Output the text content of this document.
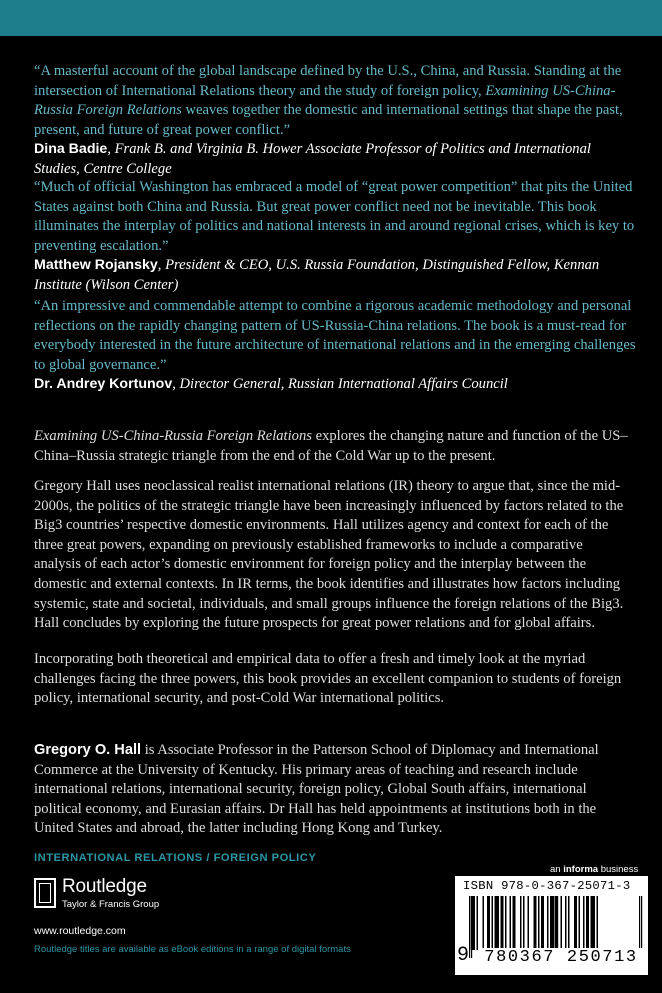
“A masterful account of the global landscape defined by the U.S., China, and Russia. Standing at the intersection of International Relations theory and the study of foreign policy, Examining US-China-Russia Foreign Relations weaves together the domestic and international settings that shape the past, present, and future of great power conflict.”

Dina Badie, Frank B. and Virginia B. Hower Associate Professor of Politics and International Studies, Centre College

“Much of official Washington has embraced a model of “great power competition” that pits the United States against both China and Russia. But great power conflict need not be inevitable. This book illuminates the interplay of politics and national interests in and around regional crises, which is key to preventing escalation.”

Matthew Rojansky, President & CEO, U.S. Russia Foundation, Distinguished Fellow, Kennan Institute (Wilson Center)

“An impressive and commendable attempt to combine a rigorous academic methodology and personal reflections on the rapidly changing pattern of US-Russia-China relations. The book is a must-read for everybody interested in the future architecture of international relations and in the emerging challenges to global governance.”

Dr. Andrey Kortunov, Director General, Russian International Affairs Council

Examining US-China-Russia Foreign Relations explores the changing nature and function of the US–China–Russia strategic triangle from the end of the Cold War up to the present.

Gregory Hall uses neoclassical realist international relations (IR) theory to argue that, since the mid-2000s, the politics of the strategic triangle have been increasingly influenced by factors related to the Big3 countries’ respective domestic environments. Hall utilizes agency and context for each of the three great powers, expanding on previously established frameworks to include a comparative analysis of each actor’s domestic environment for foreign policy and the interplay between the domestic and external contexts. In IR terms, the book identifies and illustrates how factors including systemic, state and societal, individuals, and small groups influence the foreign relations of the Big3. Hall concludes by exploring the future prospects for great power relations and for global affairs.

Incorporating both theoretical and empirical data to offer a fresh and timely look at the myriad challenges facing the three powers, this book provides an excellent companion to students of foreign policy, international security, and post-Cold War international politics.

Gregory O. Hall is Associate Professor in the Patterson School of Diplomacy and International Commerce at the University of Kentucky. His primary areas of teaching and research include international relations, international security, foreign policy, Global South affairs, international political economy, and Eurasian affairs. Dr Hall has held appointments at institutions both in the United States and abroad, the latter including Hong Kong and Turkey.

INTERNATIONAL RELATIONS / FOREIGN POLICY
Routledge
Taylor & Francis Group
www.routledge.com
Routledge titles are available as eBook editions in a range of digital formats
an informa business
ISBN 978-0-367-25071-3
9 780367 250713
